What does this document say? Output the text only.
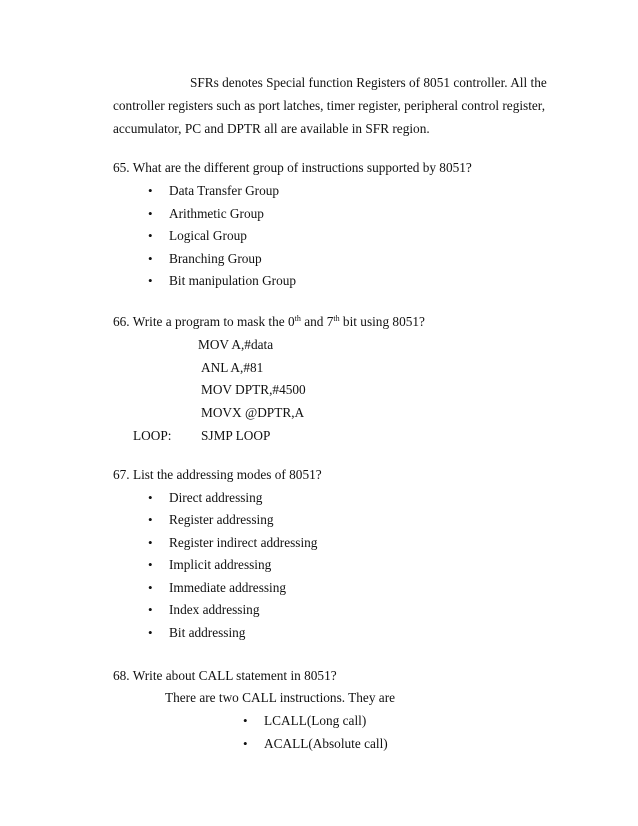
SFRs denotes Special function Registers of 8051 controller. All the
controller registers such as port latches, timer register, peripheral control register,
accumulator, PC and DPTR all are available in SFR region.
65. What are the different group of instructions supported by 8051?
• Data Transfer Group
• Arithmetic Group
• Logical Group
• Branching Group
• Bit manipulation Group
66. Write a program to mask the 0th and 7th bit using 8051?
MOV A,#data
ANL A,#81
MOV DPTR,#4500
MOVX @DPTR,A
LOOP: SJMP LOOP
67. List the addressing modes of 8051?
• Direct addressing
• Register addressing
• Register indirect addressing
• Implicit addressing
• Immediate addressing
• Index addressing
• Bit addressing
68. Write about CALL statement in 8051?
There are two CALL instructions. They are
• LCALL(Long call)
• ACALL(Absolute call)
